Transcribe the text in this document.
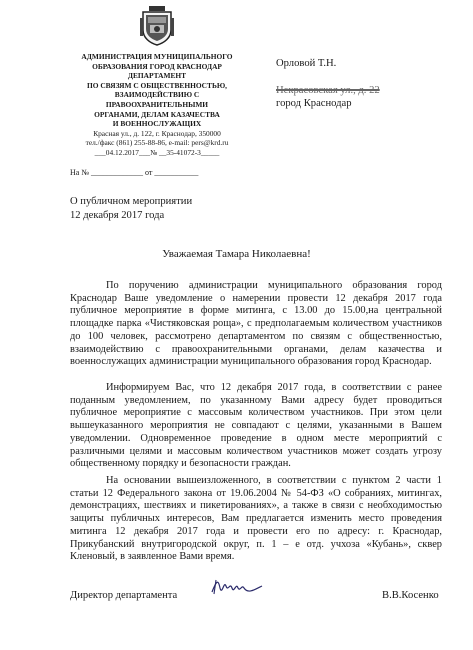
АДМИНИСТРАЦИЯ МУНИЦИПАЛЬНОГО
ОБРАЗОВАНИЯ ГОРОД КРАСНОДАР
ДЕПАРТАМЕНТ
ПО СВЯЗЯМ С ОБЩЕСТВЕННОСТЬЮ,
ВЗАИМОДЕЙСТВИЮ С
ПРАВООХРАНИТЕЛЬНЫМИ
ОРГАНАМИ, ДЕЛАМ КАЗАЧЕСТВА
И ВОЕННОСЛУЖАЩИХ
Красная ул., д. 122, г. Краснодар, 350000
тел./факс (861) 255-88-86, e-mail: pers@krd.ru
___04.12.2017___№ __35-41072-3_____
На № _____________ от ___________
Орловой Т.Н.
Некрасовская ул., д. 22
город Краснодар
О публичном мероприятии
12 декабря 2017 года
Уважаемая Тамара Николаевна!
По поручению администрации муниципального образования город Краснодар Ваше уведомление о намерении провести 12 декабря 2017 года публичное мероприятие в форме митинга, с 13.00 до 15.00,на центральной площадке парка «Чистяковская роща», с предполагаемым количеством участников до 100 человек, рассмотрено департаментом по связям с общественностью, взаимодействию с правоохранительными органами, делам казачества и военнослужащих администрации муниципального образования город Краснодар.
Информируем Вас, что 12 декабря 2017 года, в соответствии с ранее поданным уведомлением, по указанному Вами адресу будет проводиться публичное мероприятие с массовым количеством участников. При этом цели вышеуказанного мероприятия не совпадают с целями, указанными в Вашем уведомлении. Одновременное проведение в одном месте мероприятий с различными целями и массовым количеством участников может создать угрозу общественному порядку и безопасности граждан.
На основании вышеизложенного, в соответствии с пунктом 2 части 1 статьи 12 Федерального закона от 19.06.2004 № 54-ФЗ «О собраниях, митингах, демонстрациях, шествиях и пикетированиях», а также в связи с необходимостью защиты публичных интересов, Вам предлагается изменить место проведения митинга 12 декабря 2017 года и провести его по адресу: г. Краснодар, Прикубанский внутригородской округ, п. 1 – е отд. учхоза «Кубань», сквер Кленовый, в заявленное Вами время.
Директор департамента	В.В.Косенко
